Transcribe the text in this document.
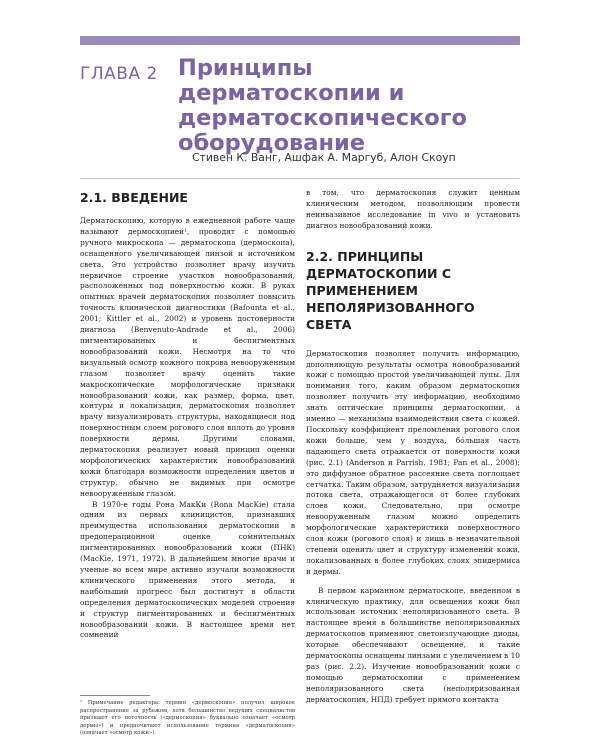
ГЛАВА 2 Принципы дерматоскопии и дерматоскопического оборудование
Стивен К. Ванг, Ашфак А. Маргуб, Алон Скоуп
2.1. ВВЕДЕНИЕ

Дерматоскопию, которую в ежедневной работе чаще называют дермоскопией¹, проводят с помощью ручного микроскопа — дерматоскопа (дермоскопа), оснащенного увеличивающей линзой и источником света. Это устройство позволяет врачу изучить первичное строение участков новообразований, расположенных под поверхностью кожи. В руках опытных врачей дерматоскопия позволяет повысить точность клинической диагностики (Bafounta et al., 2001; Kittler et al., 2002) и уровень достоверности диагноза (Benvenuto-Andrade et al., 2006) пигментированных и беспигментных новообразований кожи. Несмотря на то что визуальный осмотр кожного покрова невооруженным глазом позволяет врачу оценить такие макроскопические морфологические признаки новообразований кожи, как размер, форма, цвет, контуры и локализация, дерматоскопия позволяет врачу визуализировать структуры, находящиеся под поверхностным слоем рогового слоя вплоть до уровня поверхности дермы. Другими словами, дерматоскопия реализует новый принцип оценки морфологических характеристик новообразований кожи благодаря возможности определения цветов и структур, обычно не видимых при осмотре невооруженным глазом.

В 1970-е годы Рона МакКи (Rona MacKie) стала одним из первых клиницистов, признавших преимущества использования дерматоскопии в предоперационной оценке сомнительных пигментированных новообразований кожи (ПНК) (MacKie, 1971, 1972). В дальнейшем многие врачи и ученые во всем мире активно изучали возможности клинического применения этого метода, и наибольший прогресс был достигнут в области определения дерматоскопических моделей строения и структур пигментированных и беспигментных новообразований кожи. В настоящее время нет сомнений

в том, что дерматоскопия служит ценным клиническим методом, позволяющим провести неинвазивное исследование in vivo и установить диагноз новообразований кожи.

2.2. ПРИНЦИПЫ ДЕРМАТОСКОПИИ С ПРИМЕНЕНИЕМ НЕПОЛЯРИЗОВАННОГО СВЕТА

Дерматоскопия позволяет получить информацию, дополняющую результаты осмотра новообразований кожи с помощью простой увеличивающей лупы. Для понимания того, каким образом дерматоскопия позволяет получить эту информацию, необходимо знать оптические принципы дерматоскопии, а именно — механизмы взаимодействия света с кожей. Поскольку коэффициент преломления рогового слоя кожи больше, чем у воздуха, бóльшая часть падающего света отражается от поверхности кожи (рис. 2.1) (Anderson и Parrish, 1981; Pan et al., 2008); это диффузное обратное рассеяние света поглощает сетчатка. Таким образом, затрудняется визуализация потока света, отражающегося от более глубоких слоев кожи. Следовательно, при осмотре невооруженным глазом можно определить морфологические характеристики поверхностного слоя кожи (рогового слоя) и лишь в незначительной степени оценить цвет и структуру изменений кожи, локализованных в более глубоких слоях эпидермиса и дермы.

В первом карманном дерматоскопе, введенном в клиническую практику, для освещения кожи был использован источник неполяризованного света. В настоящее время в большинстве неполяризованных дерматоскопов применяют светоизлучающие диоды, которые обеспечивают освещение, и такие дерматоскопы оснащены линзами с увеличением в 10 раз (рис. 2.2). Изучение новообразований кожи с помощью дерматоскопии с применением неполяризованного света (неполяризованная дерматоскопия, НПД) требует прямого контакта

¹ Примечание редактора: термин «дермоскопия» получил широкое распространение за рубежом, хотя большинство ведущих специалистов признают его неточность («дермоскопия» буквально означает «осмотр дермы») и предпочитают использование термина «дерматоскопия» (означает «осмотр кожи»).
